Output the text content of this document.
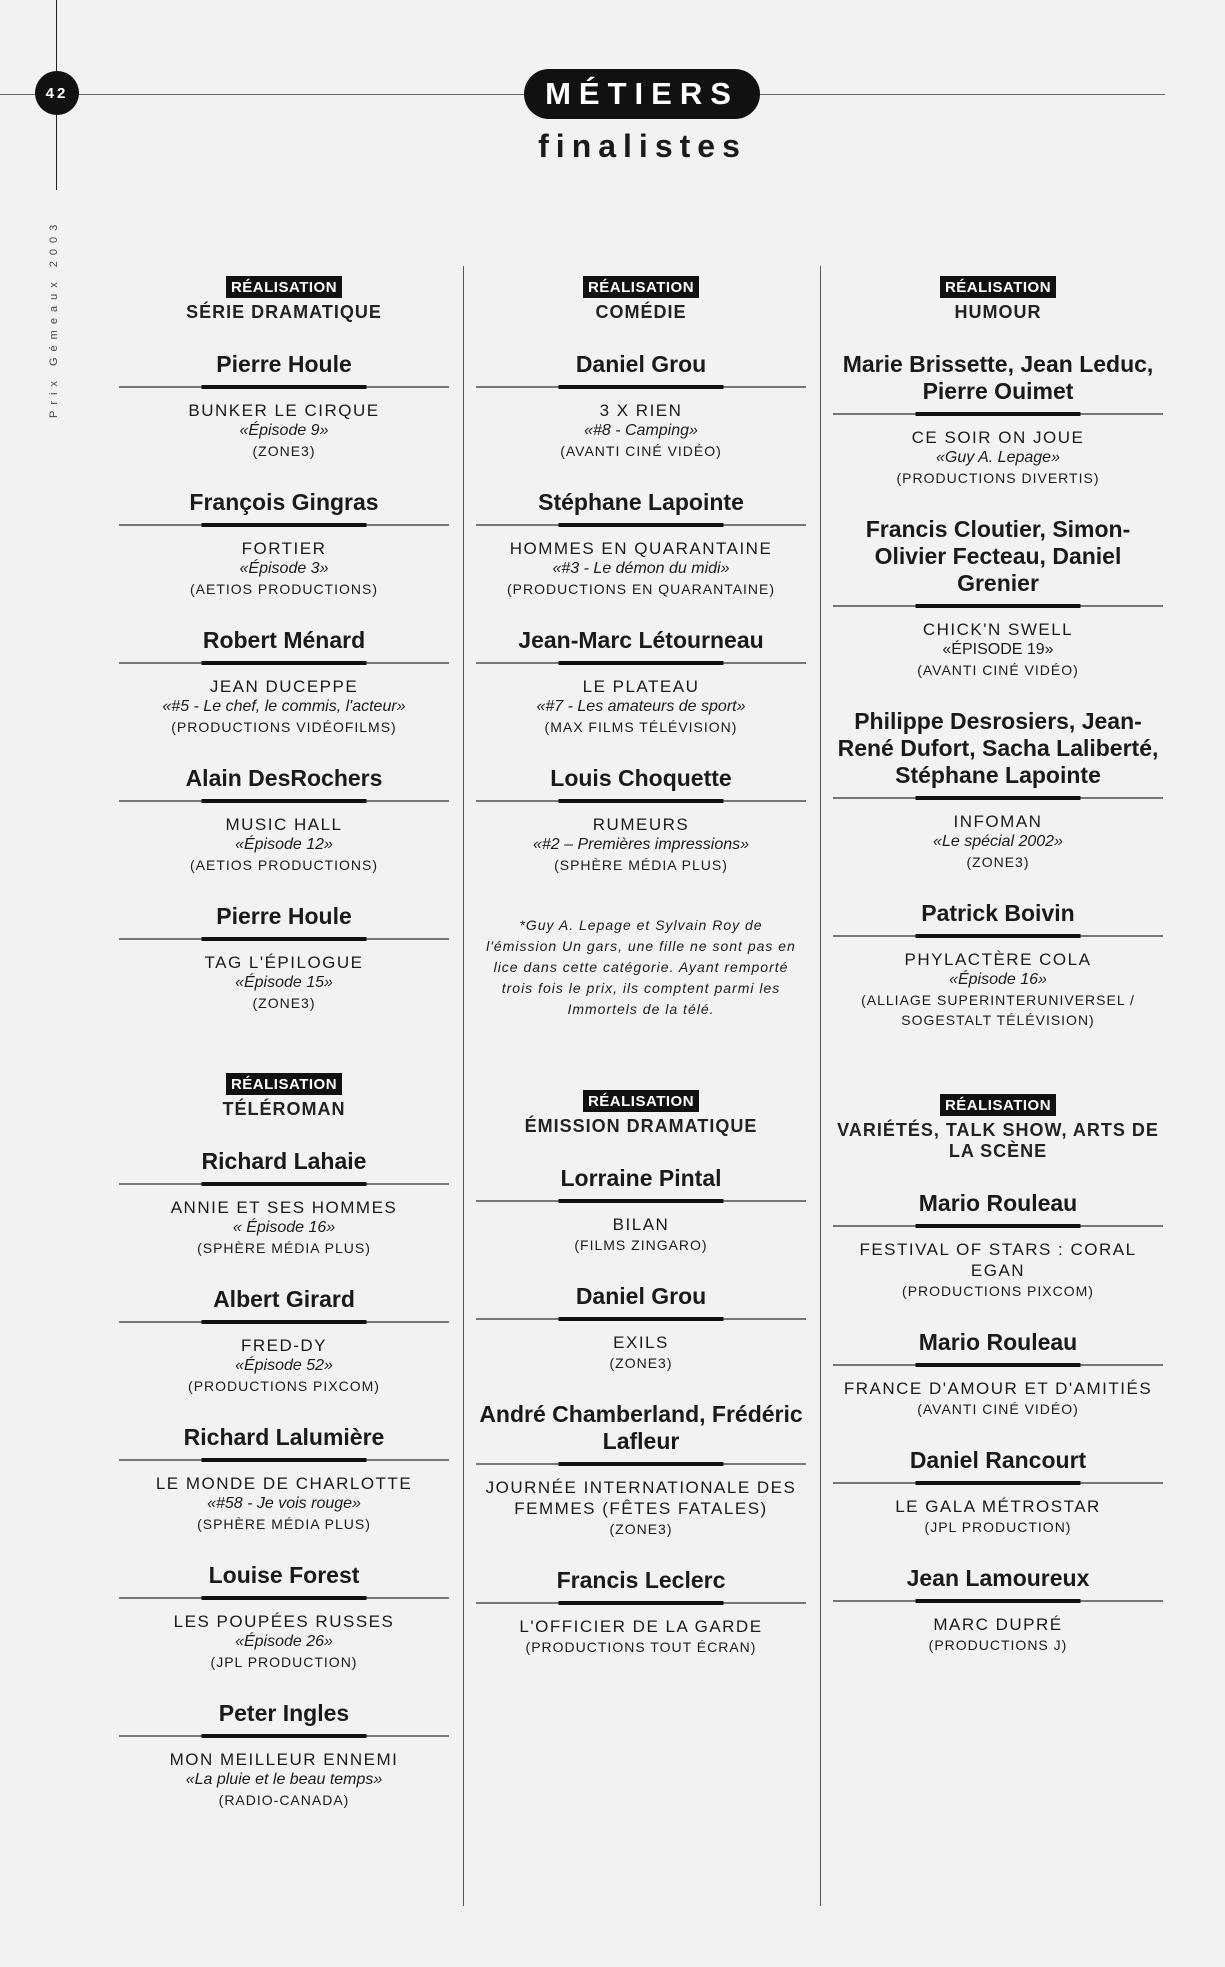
42
Prix Gémeaux 2003
MÉTIERS
finalistes
RÉALISATION
SÉRIE DRAMATIQUE
Pierre Houle
BUNKER LE CIRQUE
«Épisode 9»
(ZONE3)
François Gingras
FORTIER
«Épisode 3»
(AETIOS PRODUCTIONS)
Robert Ménard
JEAN DUCEPPE
«#5 - Le chef, le commis, l'acteur»
(PRODUCTIONS VIDÉOFILMS)
Alain DesRochers
MUSIC HALL
«Épisode 12»
(AETIOS PRODUCTIONS)
Pierre Houle
TAG L'ÉPILOGUE
«Épisode 15»
(ZONE3)
RÉALISATION
TÉLÉROMAN
Richard Lahaie
ANNIE ET SES HOMMES
« Épisode 16»
(SPHÈRE MÉDIA PLUS)
Albert Girard
FRED-DY
«Épisode 52»
(PRODUCTIONS PIXCOM)
Richard Lalumière
LE MONDE DE CHARLOTTE
«#58 - Je vois rouge»
(SPHÈRE MÉDIA PLUS)
Louise Forest
LES POUPÉES RUSSES
«Épisode 26»
(JPL PRODUCTION)
Peter Ingles
MON MEILLEUR ENNEMI
«La pluie et le beau temps»
(RADIO-CANADA)
RÉALISATION
COMÉDIE
Daniel Grou
3 X RIEN
«#8 - Camping»
(AVANTI CINÉ VIDÉO)
Stéphane Lapointe
HOMMES EN QUARANTAINE
«#3 - Le démon du midi»
(PRODUCTIONS EN QUARANTAINE)
Jean-Marc Létourneau
LE PLATEAU
«#7 - Les amateurs de sport»
(MAX FILMS TÉLÉVISION)
Louis Choquette
RUMEURS
«#2 – Premières impressions»
(SPHÈRE MÉDIA PLUS)
*Guy A. Lepage et Sylvain Roy de l'émission Un gars, une fille ne sont pas en lice dans cette catégorie. Ayant remporté trois fois le prix, ils comptent parmi les Immortels de la télé.
RÉALISATION
ÉMISSION DRAMATIQUE
Lorraine Pintal
BILAN
(FILMS ZINGARO)
Daniel Grou
EXILS
(ZONE3)
André Chamberland, Frédéric Lafleur
JOURNÉE INTERNATIONALE DES FEMMES (FÊTES FATALES)
(ZONE3)
Francis Leclerc
L'OFFICIER DE LA GARDE
(PRODUCTIONS TOUT ÉCRAN)
RÉALISATION
HUMOUR
Marie Brissette, Jean Leduc, Pierre Ouimet
CE SOIR ON JOUE
«Guy A. Lepage»
(PRODUCTIONS DIVERTIS)
Francis Cloutier, Simon-Olivier Fecteau, Daniel Grenier
CHICK'N SWELL
«ÉPISODE 19»
(AVANTI CINÉ VIDÉO)
Philippe Desrosiers, Jean-René Dufort, Sacha Laliberté, Stéphane Lapointe
INFOMAN
«Le spécial 2002»
(ZONE3)
Patrick Boivin
PHYLACTÈRE COLA
«Épisode 16»
(ALLIAGE SUPERINTERUNIVERSEL / SOGESTALT TÉLÉVISION)
RÉALISATION
VARIÉTÉS, TALK SHOW, ARTS DE LA SCÈNE
Mario Rouleau
FESTIVAL OF STARS : CORAL EGAN
(PRODUCTIONS PIXCOM)
Mario Rouleau
FRANCE D'AMOUR ET D'AMITIÉS
(AVANTI CINÉ VIDÉO)
Daniel Rancourt
LE GALA MÉTROSTAR
(JPL PRODUCTION)
Jean Lamoureux
MARC DUPRÉ
(PRODUCTIONS J)
